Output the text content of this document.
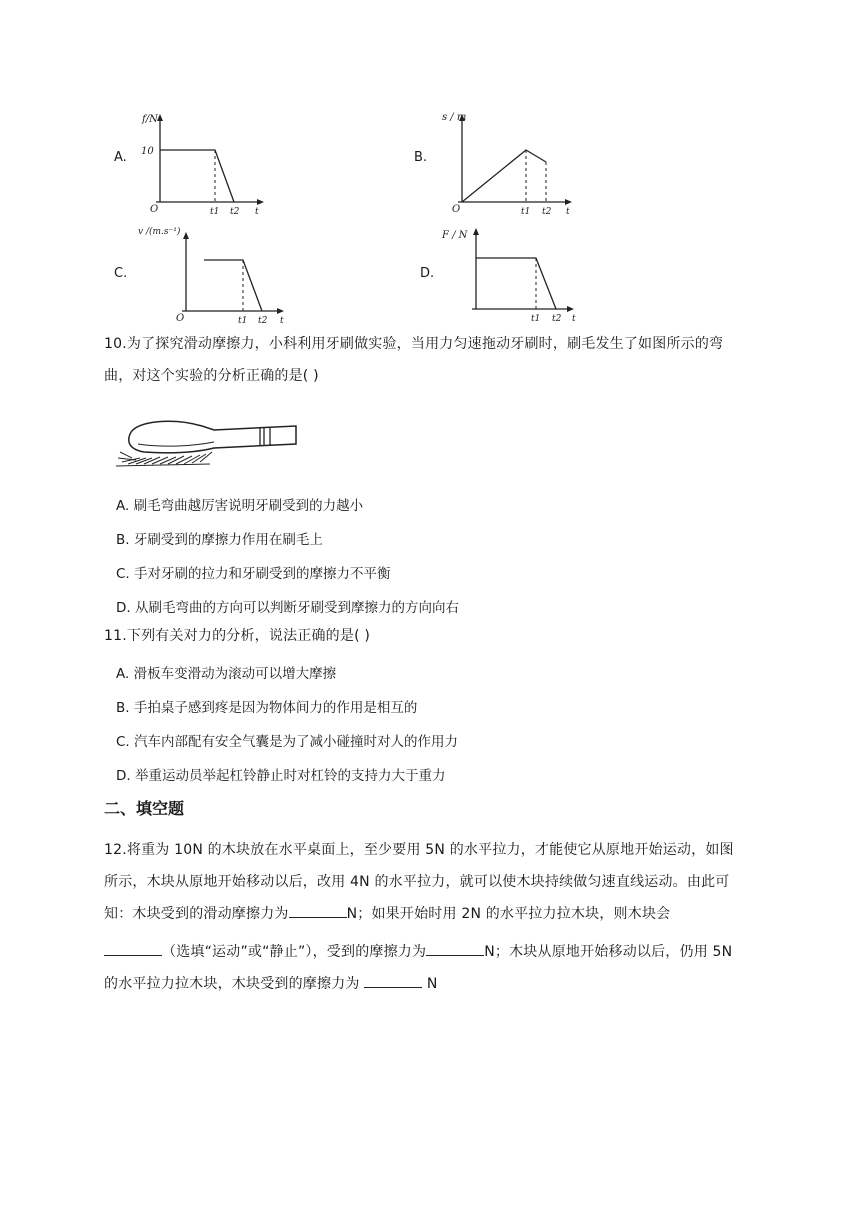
A.
f/N
10
O	t1 t2 t
B.
s / m
O	t1 t2 t
C.
v /(m.s⁻¹)
O	t1 t2 t
D.
F / N
t1 t2 t
10.为了探究滑动摩擦力，小科利用牙刷做实验，当用力匀速拖动牙刷时，刷毛发生了如图所示的弯
曲，对这个实验的分析正确的是( )
A. 刷毛弯曲越厉害说明牙刷受到的力越小
B. 牙刷受到的摩擦力作用在刷毛上
C. 手对牙刷的拉力和牙刷受到的摩擦力不平衡
D. 从刷毛弯曲的方向可以判断牙刷受到摩擦力的方向向右
11.下列有关对力的分析，说法正确的是( )
A. 滑板车变滑动为滚动可以增大摩擦
B. 手拍桌子感到疼是因为物体间力的作用是相互的
C. 汽车内部配有安全气囊是为了减小碰撞时对人的作用力
D. 举重运动员举起杠铃静止时对杠铃的支持力大于重力
二、填空题
12.将重为 10N 的木块放在水平桌面上，至少要用 5N 的水平拉力，才能使它从原地开始运动，如图
所示，木块从原地开始移动以后，改用 4N 的水平拉力，就可以使木块持续做匀速直线运动。由此可
知：木块受到的滑动摩擦力为	N；如果开始时用 2N 的水平拉力拉木块，则木块会
（选填“运动”或“静止”），受到的摩擦力为	N；木块从原地开始移动以后，仍用 5N
的水平拉力拉木块，木块受到的摩擦力为	N
